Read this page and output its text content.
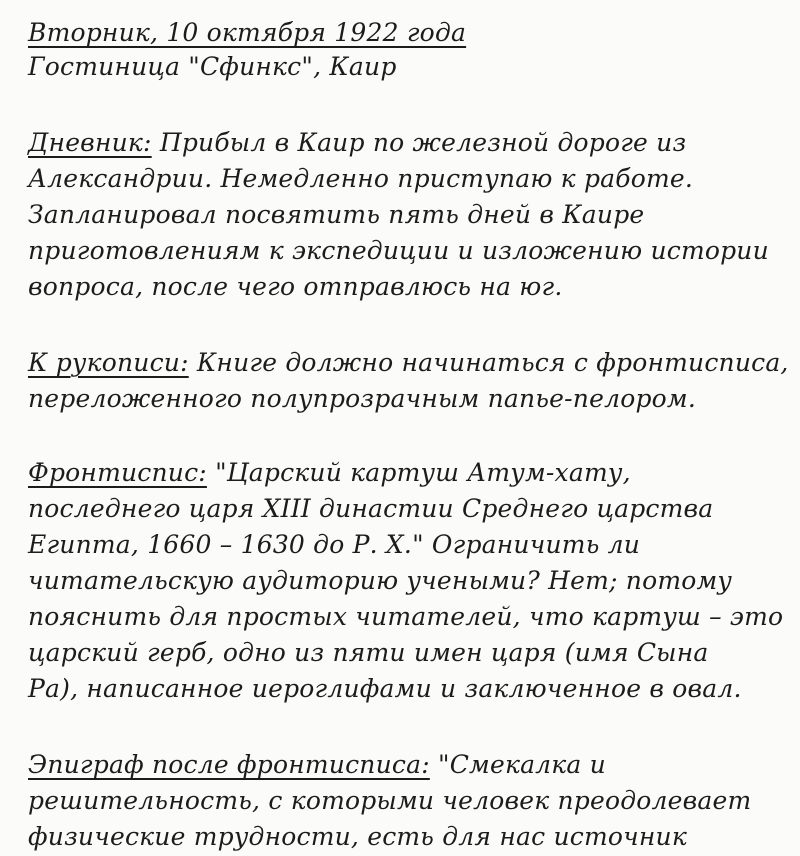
Вторник, 10 октября 1922 года
Гостиница "Сфинкс", Каир
Дневник: Прибыл в Каир по железной дороге из
Александрии. Немедленно приступаю к работе.
Запланировал посвятить пять дней в Каире
приготовлениям к экспедиции и изложению истории
вопроса, после чего отправлюсь на юг.
К рукописи: Книге должно начинаться с фронтисписа,
переложенного полупрозрачным папье-пелором.
Фронтиспис: "Царский картуш Атум-хату,
последнего царя XIII династии Среднего царства
Египта, 1660 – 1630 до Р. Х." Ограничить ли
читательскую аудиторию учеными? Нет; потому
пояснить для простых читателей, что картуш – это
царский герб, одно из пяти имен царя (имя Сына
Ра), написанное иероглифами и заключенное в овал.
Эпиграф после фронтисписа: "Смекалка и
решительность, с которыми человек преодолевает
физические трудности, есть для нас источник
